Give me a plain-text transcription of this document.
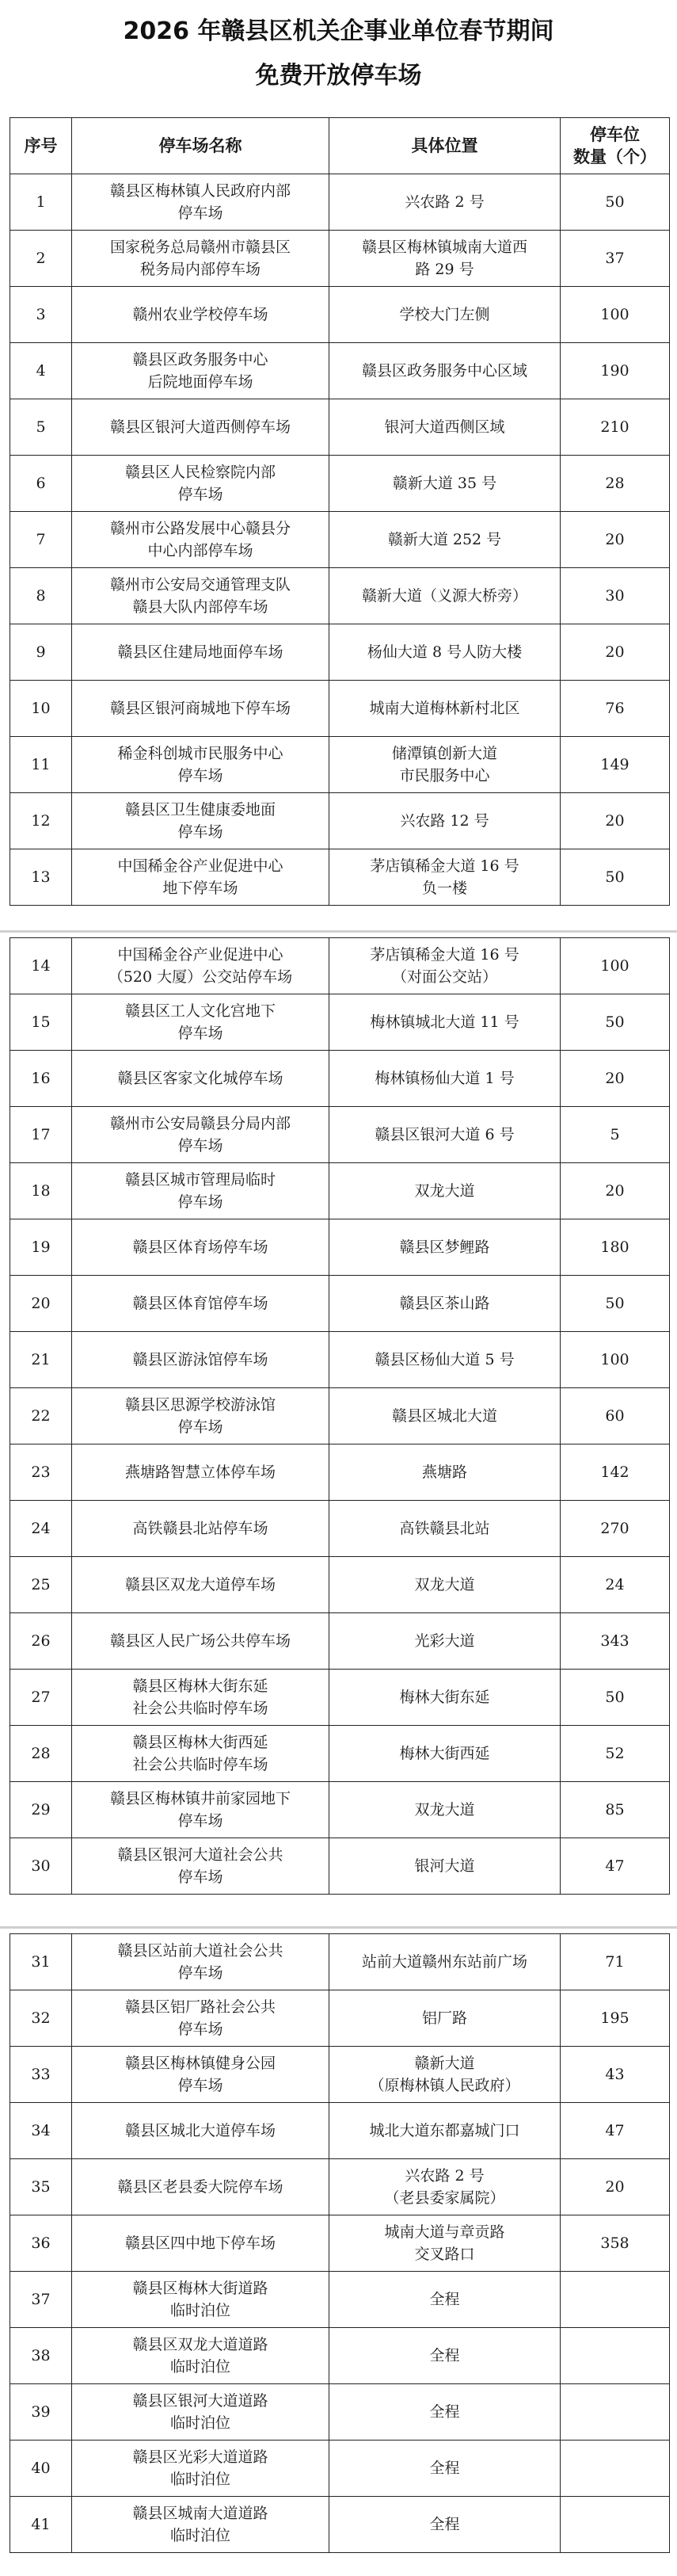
2026 年赣县区机关企事业单位春节期间
免费开放停车场
序号	停车场名称	具体位置	停车位
数量（个）
1	赣县区梅林镇人民政府内部
停车场	兴农路 2 号	50
2	国家税务总局赣州市赣县区
税务局内部停车场	赣县区梅林镇城南大道西
路 29 号	37
3	赣州农业学校停车场	学校大门左侧	100
4	赣县区政务服务中心
后院地面停车场	赣县区政务服务中心区域	190
5	赣县区银河大道西侧停车场	银河大道西侧区域	210
6	赣县区人民检察院内部
停车场	赣新大道 35 号	28
7	赣州市公路发展中心赣县分
中心内部停车场	赣新大道 252 号	20
8	赣州市公安局交通管理支队
赣县大队内部停车场	赣新大道（义源大桥旁）	30
9	赣县区住建局地面停车场	杨仙大道 8 号人防大楼	20
10	赣县区银河商城地下停车场	城南大道梅林新村北区	76
11	稀金科创城市民服务中心
停车场	储潭镇创新大道
市民服务中心	149
12	赣县区卫生健康委地面
停车场	兴农路 12 号	20
13	中国稀金谷产业促进中心
地下停车场	茅店镇稀金大道 16 号
负一楼	50
14	中国稀金谷产业促进中心
（520 大厦）公交站停车场	茅店镇稀金大道 16 号
（对面公交站）	100
15	赣县区工人文化宫地下
停车场	梅林镇城北大道 11 号	50
16	赣县区客家文化城停车场	梅林镇杨仙大道 1 号	20
17	赣州市公安局赣县分局内部
停车场	赣县区银河大道 6 号	5
18	赣县区城市管理局临时
停车场	双龙大道	20
19	赣县区体育场停车场	赣县区梦鲤路	180
20	赣县区体育馆停车场	赣县区茶山路	50
21	赣县区游泳馆停车场	赣县区杨仙大道 5 号	100
22	赣县区思源学校游泳馆
停车场	赣县区城北大道	60
23	燕塘路智慧立体停车场	燕塘路	142
24	高铁赣县北站停车场	高铁赣县北站	270
25	赣县区双龙大道停车场	双龙大道	24
26	赣县区人民广场公共停车场	光彩大道	343
27	赣县区梅林大街东延
社会公共临时停车场	梅林大街东延	50
28	赣县区梅林大街西延
社会公共临时停车场	梅林大街西延	52
29	赣县区梅林镇井前家园地下
停车场	双龙大道	85
30	赣县区银河大道社会公共
停车场	银河大道	47
31	赣县区站前大道社会公共
停车场	站前大道赣州东站前广场	71
32	赣县区铝厂路社会公共
停车场	铝厂路	195
33	赣县区梅林镇健身公园
停车场	赣新大道
（原梅林镇人民政府）	43
34	赣县区城北大道停车场	城北大道东都嘉城门口	47
35	赣县区老县委大院停车场	兴农路 2 号
（老县委家属院）	20
36	赣县区四中地下停车场	城南大道与章贡路
交叉路口	358
37	赣县区梅林大街道路
临时泊位	全程	
38	赣县区双龙大道道路
临时泊位	全程	
39	赣县区银河大道道路
临时泊位	全程	
40	赣县区光彩大道道路
临时泊位	全程	
41	赣县区城南大道道路
临时泊位	全程	
